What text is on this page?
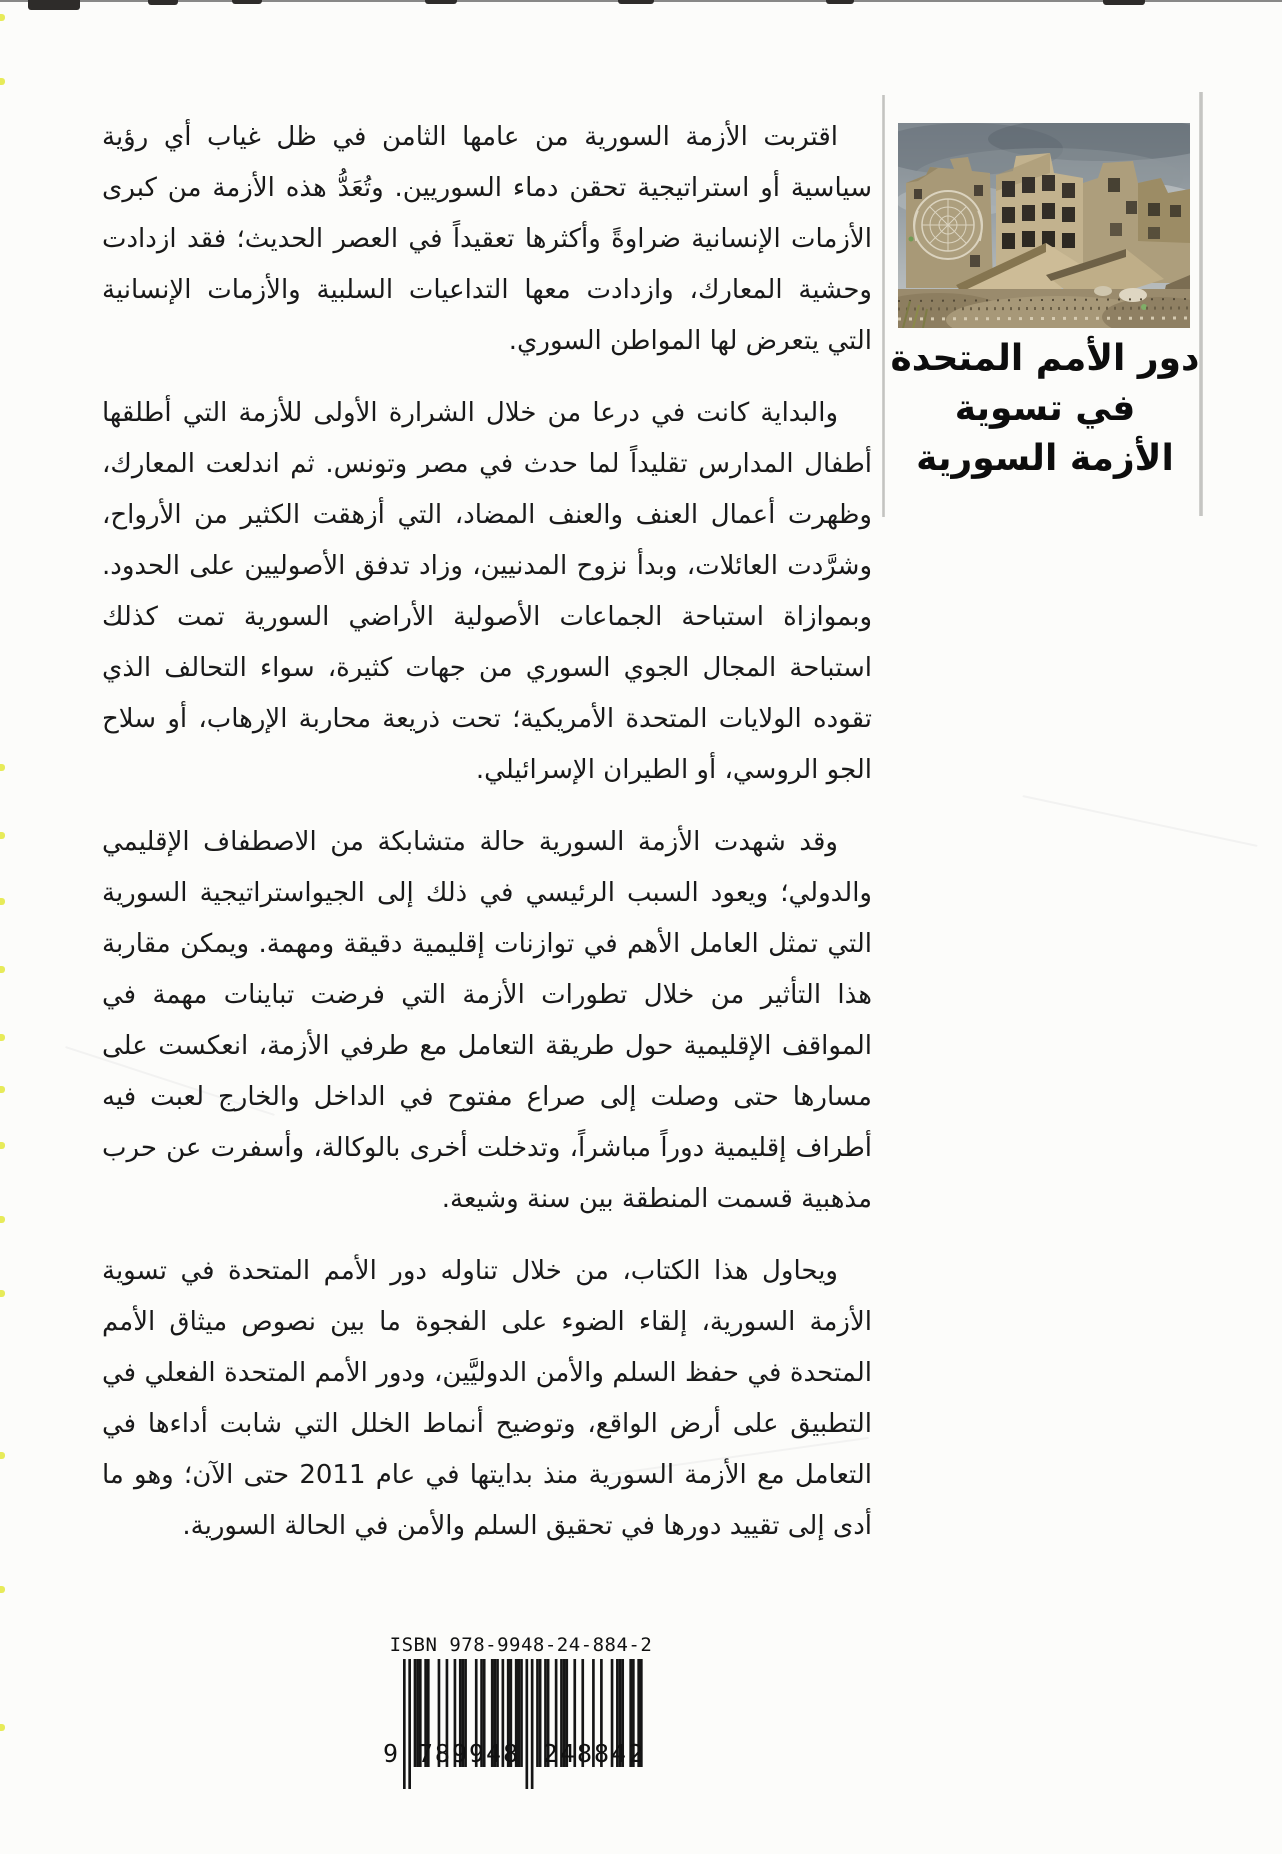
اقتربت الأزمة السورية من عامها الثامن في ظل غياب أي رؤية سياسية أو استراتيجية تحقن دماء السوريين. وتُعَدُّ هذه الأزمة من كبرى الأزمات الإنسانية ضراوةً وأكثرها تعقيداً في العصر الحديث؛ فقد ازدادت وحشية المعارك، وازدادت معها التداعيات السلبية والأزمات الإنسانية التي يتعرض لها المواطن السوري.

والبداية كانت في درعا من خلال الشرارة الأولى للأزمة التي أطلقها أطفال المدارس تقليداً لما حدث في مصر وتونس. ثم اندلعت المعارك، وظهرت أعمال العنف والعنف المضاد، التي أزهقت الكثير من الأرواح، وشرَّدت العائلات، وبدأ نزوح المدنيين، وزاد تدفق الأصوليين على الحدود. وبموازاة استباحة الجماعات الأصولية الأراضي السورية تمت كذلك استباحة المجال الجوي السوري من جهات كثيرة، سواء التحالف الذي تقوده الولايات المتحدة الأمريكية؛ تحت ذريعة محاربة الإرهاب، أو سلاح الجو الروسي، أو الطيران الإسرائيلي.

وقد شهدت الأزمة السورية حالة متشابكة من الاصطفاف الإقليمي والدولي؛ ويعود السبب الرئيسي في ذلك إلى الجيواستراتيجية السورية التي تمثل العامل الأهم في توازنات إقليمية دقيقة ومهمة. ويمكن مقاربة هذا التأثير من خلال تطورات الأزمة التي فرضت تباينات مهمة في المواقف الإقليمية حول طريقة التعامل مع طرفي الأزمة، انعكست على مسارها حتى وصلت إلى صراع مفتوح في الداخل والخارج لعبت فيه أطراف إقليمية دوراً مباشراً، وتدخلت أخرى بالوكالة، وأسفرت عن حرب مذهبية قسمت المنطقة بين سنة وشيعة.

ويحاول هذا الكتاب، من خلال تناوله دور الأمم المتحدة في تسوية الأزمة السورية، إلقاء الضوء على الفجوة ما بين نصوص ميثاق الأمم المتحدة في حفظ السلم والأمن الدوليَّين، ودور الأمم المتحدة الفعلي في التطبيق على أرض الواقع، وتوضيح أنماط الخلل التي شابت أداءها في التعامل مع الأزمة السورية منذ بدايتها في عام 2011 حتى الآن؛ وهو ما أدى إلى تقييد دورها في تحقيق السلم والأمن في الحالة السورية.

دور الأمم المتحدة
في تسوية
الأزمة السورية
ISBN 978-9948-24-884-2
9 789948 248842
